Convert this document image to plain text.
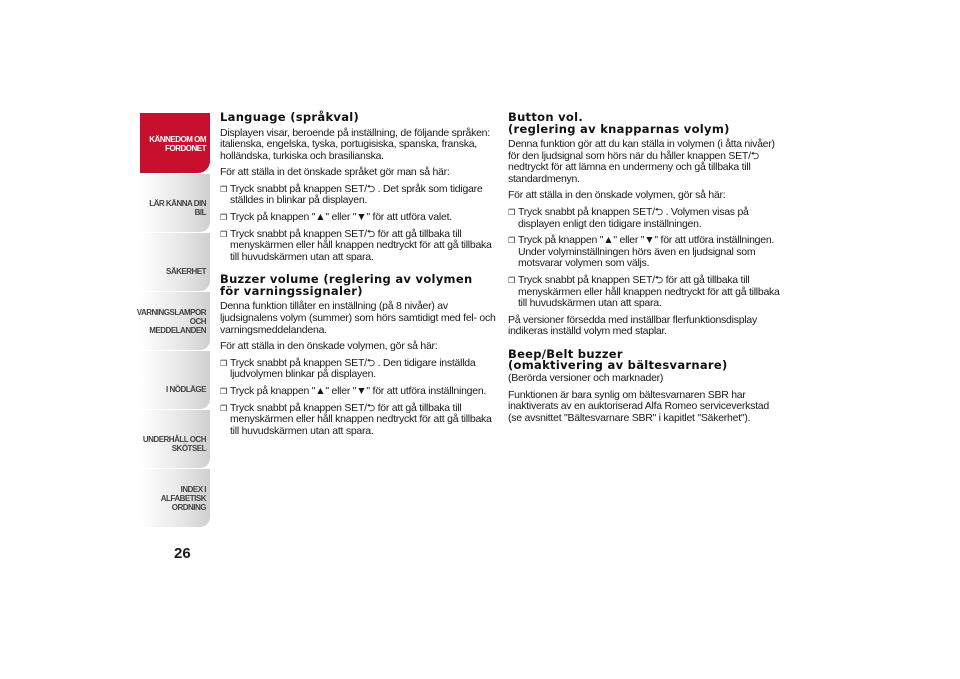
KÄNNEDOM OM FORDONET
LÄR KÄNNA DIN BIL
SÄKERHET
VARNINGSLAMPOR OCH MEDDELANDEN
I NÖDLÄGE
UNDERHÅLL OCH SKÖTSEL
INDEX I ALFABETISK ORDNING
26
Language (språkval)

Displayen visar, beroende på inställning, de följande språken: italienska, engelska, tyska, portugisiska, spanska, franska, holländska, turkiska och brasilianska.

För att ställa in det önskade språket gör man så här:

❒ Tryck snabbt på knappen SET/⮌ . Det språk som tidigare ställdes in blinkar på displayen.
❒ Tryck på knappen "▲" eller "▼" för att utföra valet.
❒ Tryck snabbt på knappen SET/⮌ för att gå tillbaka till menyskärmen eller håll knappen nedtryckt för att gå tillbaka till huvudskärmen utan att spara.
Buzzer volume (reglering av volymen
för varningssignaler)

Denna funktion tillåter en inställning (på 8 nivåer) av ljudsignalens volym (summer) som hörs samtidigt med fel- och varningsmeddelandena.

För att ställa in den önskade volymen, gör så här:

❒ Tryck snabbt på knappen SET/⮌ . Den tidigare inställda ljudvolymen blinkar på displayen.
❒ Tryck på knappen "▲" eller "▼" för att utföra inställningen.
❒ Tryck snabbt på knappen SET/⮌ för att gå tillbaka till menyskärmen eller håll knappen nedtryckt för att gå tillbaka till huvudskärmen utan att spara.
Button vol.
(reglering av knapparnas volym)

Denna funktion gör att du kan ställa in volymen (i åtta nivåer) för den ljudsignal som hörs när du håller knappen SET/⮌ nedtryckt för att lämna en undermeny och gå tillbaka till standardmenyn.

För att ställa in den önskade volymen, gör så här:

❒ Tryck snabbt på knappen SET/⮌ . Volymen visas på displayen enligt den tidigare inställningen.
❒ Tryck på knappen "▲" eller "▼" för att utföra inställningen. Under volyminställningen hörs även en ljudsignal som motsvarar volymen som väljs.
❒ Tryck snabbt på knappen SET/⮌ för att gå tillbaka till menyskärmen eller håll knappen nedtryckt för att gå tillbaka till huvudskärmen utan att spara.

På versioner försedda med inställbar flerfunktionsdisplay indikeras inställd volym med staplar.

Beep/Belt buzzer
(omaktivering av bältesvarnare)

(Berörda versioner och marknader)

Funktionen är bara synlig om bältesvarnaren SBR har inaktiverats av en auktoriserad Alfa Romeo serviceverkstad (se avsnittet "Bältesvarnare SBR" i kapitlet "Säkerhet").
